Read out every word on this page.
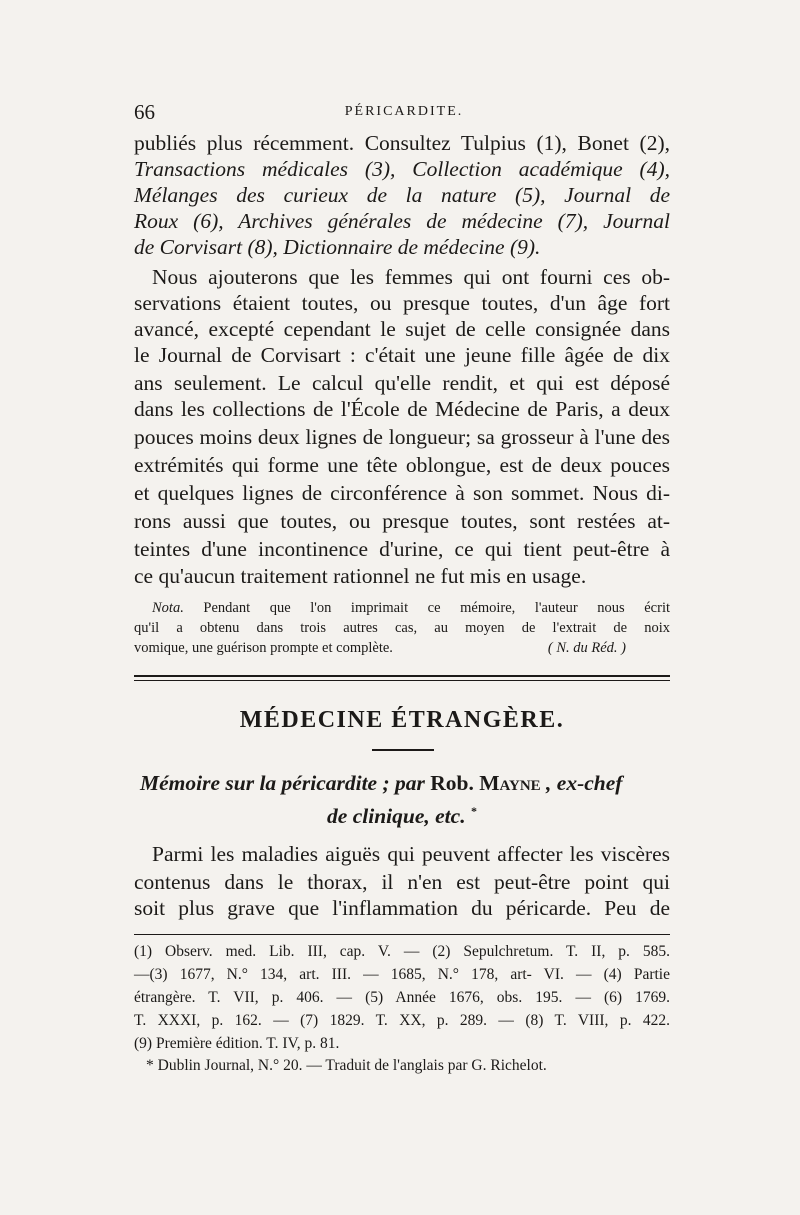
66	PÉRICARDITE.
publiés plus récemment. Consultez Tulpius (1), Bonet (2),
Transactions médicales (3), Collection académique (4),
Mélanges des curieux de la nature (5), Journal de
Roux (6), Archives générales de médecine (7), Journal
de Corvisart (8), Dictionnaire de médecine (9).
Nous ajouterons que les femmes qui ont fourni ces ob-
servations étaient toutes, ou presque toutes, d'un âge fort
avancé, excepté cependant le sujet de celle consignée dans
le Journal de Corvisart : c'était une jeune fille âgée de dix
ans seulement. Le calcul qu'elle rendit, et qui est déposé
dans les collections de l'École de Médecine de Paris, a deux
pouces moins deux lignes de longueur; sa grosseur à l'une des
extrémités qui forme une tête oblongue, est de deux pouces
et quelques lignes de circonférence à son sommet. Nous di-
rons aussi que toutes, ou presque toutes, sont restées at-
teintes d'une incontinence d'urine, ce qui tient peut-être à
ce qu'aucun traitement rationnel ne fut mis en usage.
Nota. Pendant que l'on imprimait ce mémoire, l'auteur nous écrit
qu'il a obtenu dans trois autres cas, au moyen de l'extrait de noix
vomique, une guérison prompte et complète.	( N. du Réd. )
MÉDECINE ÉTRANGÈRE.
Mémoire sur la péricardite ; par Rob. Mayne , ex-chef
de clinique, etc. *
Parmi les maladies aiguës qui peuvent affecter les viscères
contenus dans le thorax, il n'en est peut-être point qui
soit plus grave que l'inflammation du péricarde. Peu de
(1) Observ. med. Lib. III, cap. V. — (2) Sepulchretum. T. II, p. 585.
—(3) 1677, N.° 134, art. III. — 1685, N.° 178, art- VI. — (4) Partie
étrangère. T. VII, p. 406. — (5) Année 1676, obs. 195. — (6) 1769.
T. XXXI, p. 162. — (7) 1829. T. XX, p. 289. — (8) T. VIII, p. 422.
(9) Première édition. T. IV, p. 81.
* Dublin Journal, N.° 20. — Traduit de l'anglais par G. Richelot.
